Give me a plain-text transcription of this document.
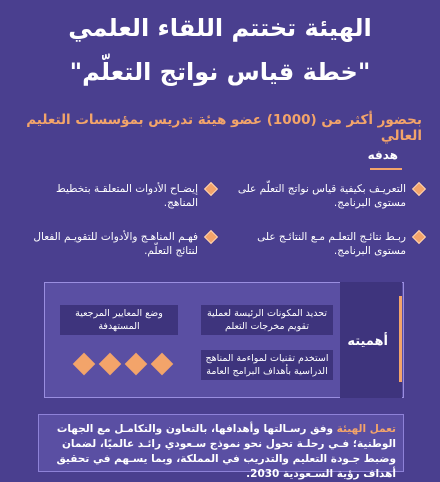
الهيئة تختتم اللقاء العلمي
"خطة قياس نواتج التعلّم"
بحضور أكثر من (1000) عضو هيئة تدريس بمؤسسات التعليم العالي
هدفه
التعريـف بكيفية قياس نواتج التعلّم على مستوى البرنامج.
إيضـاح الأدوات المتعلقـة بتخطيط المناهج.
ربـط نتائـج التعلـم مـع النتائـج على مستوى البرنامج.
فهـم المناهـج والأدوات للتقويـم الفعال لنتائج التعلّم.
أهميته
تحديد المكونات الرئيسة لعملية تقويم مخرجات التعلم
وضع المعايير المرجعية المستهدفة
استخدم تقنيات لمواءمة المناهج الدراسية بأهداف البرامج العامة
تعمل الهيئة وفق رسـالتها وأهدافها، بالتعاون والتكامـل مع الجهات الوطنية؛ فـي رحلـة تحول نحو نموذج سـعودي رائـد عالميًا، لضمان وضبط جـودة التعليم والتدريب في المملكة، وبما يسـهم في تحقيق أهداف رؤية السـعودية 2030.
